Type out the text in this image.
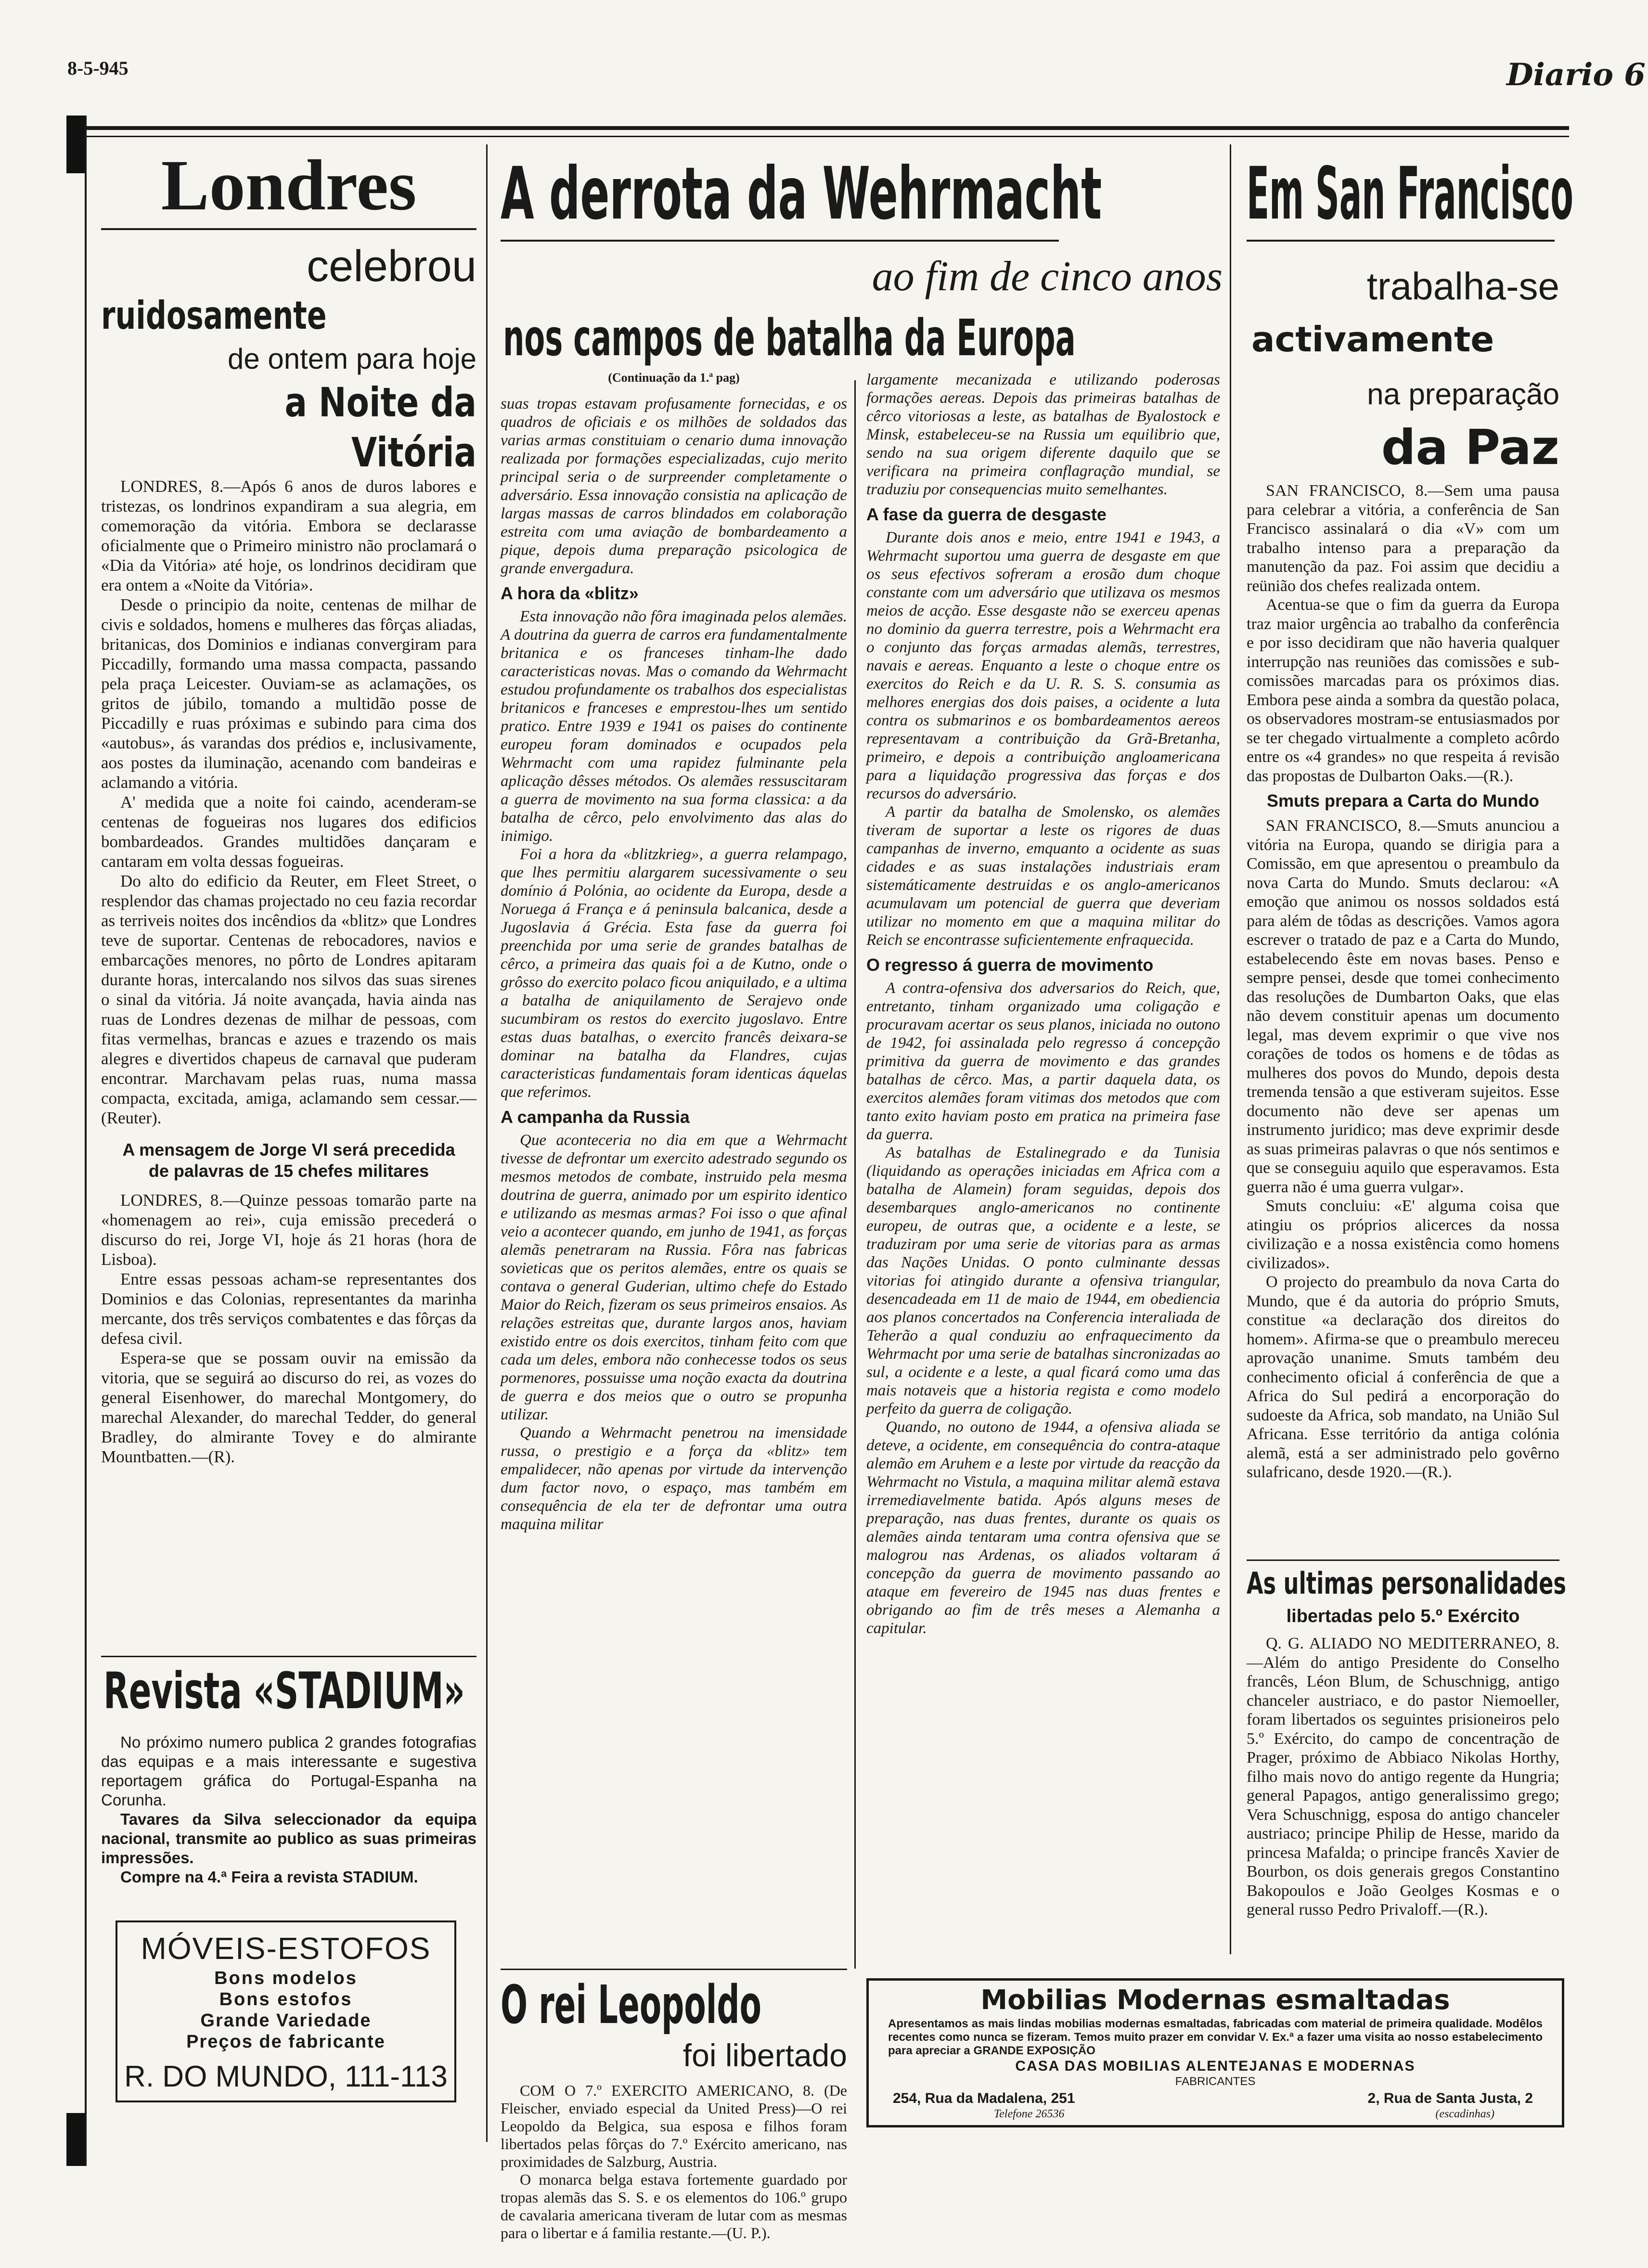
8-5-945	Diario 6
Londres
celebrou
ruidosamente
de ontem para hoje
a Noite da Vitória

LONDRES, 8.—Após 6 anos de duros labores e tristezas, os londrinos expandiram a sua alegria, em comemoração da vitória. Embora se declarasse oficialmente que o Primeiro ministro não proclamará o «Dia da Vitória» até hoje, os londrinos decidiram que era ontem a «Noite da Vitória».

Desde o principio da noite, centenas de milhar de civis e soldados, homens e mulheres das fôrças aliadas, britanicas, dos Dominios e indianas convergiram para Piccadilly, formando uma massa compacta, passando pela praça Leicester. Ouviam-se as aclamações, os gritos de júbilo, tomando a multidão posse de Piccadilly e ruas próximas e subindo para cima dos «autobus», ás varandas dos prédios e, inclusivamente, aos postes da iluminação, acenando com bandeiras e aclamando a vitória.

A' medida que a noite foi caindo, acenderam-se centenas de fogueiras nos lugares dos edificios bombardeados. Grandes multidões dançaram e cantaram em volta dessas fogueiras.

Do alto do edificio da Reuter, em Fleet Street, o resplendor das chamas projectado no ceu fazia recordar as terriveis noites dos incêndios da «blitz» que Londres teve de suportar. Centenas de rebocadores, navios e embarcações menores, no pôrto de Londres apitaram durante horas, intercalando nos silvos das suas sirenes o sinal da vitória. Já noite avançada, havia ainda nas ruas de Londres dezenas de milhar de pessoas, com fitas vermelhas, brancas e azues e trazendo os mais alegres e divertidos chapeus de carnaval que puderam encontrar. Marchavam pelas ruas, numa massa compacta, excitada, amiga, aclamando sem cessar.—(Reuter).

A mensagem de Jorge VI será precedida de palavras de 15 chefes militares

LONDRES, 8.—Quinze pessoas tomarão parte na «homenagem ao rei», cuja emissão precederá o discurso do rei, Jorge VI, hoje ás 21 horas (hora de Lisboa).

Entre essas pessoas acham-se representantes dos Dominios e das Colonias, representantes da marinha mercante, dos três serviços combatentes e das fôrças da defesa civil.

Espera-se que se possam ouvir na emissão da vitoria, que se seguirá ao discurso do rei, as vozes do general Eisenhower, do marechal Montgomery, do marechal Alexander, do marechal Tedder, do general Bradley, do almirante Tovey e do almirante Mountbatten.—(R).

Revista «STADIUM»

No próximo numero publica 2 grandes fotografias das equipas e a mais interessante e sugestiva reportagem gráfica do Portugal-Espanha na Corunha.

Tavares da Silva seleccionador da equipa nacional, transmite ao publico as suas primeiras impressões.

Compre na 4.ª Feira a revista STADIUM.

MÓVEIS-ESTOFOS
Bons modelos
Bons estofos
Grande Variedade
Preços de fabricante
R. DO MUNDO, 111-113
A derrota da Wehrmacht
ao fim de cinco anos
nos campos de batalha da Europa
(Continuação da 1.ª pag)

suas tropas estavam profusamente fornecidas, e os quadros de oficiais e os milhões de soldados das varias armas constituiam o cenario duma innovação realizada por formações especializadas, cujo merito principal seria o de surpreender completamente o adversário. Essa innovação consistia na aplicação de largas massas de carros blindados em colaboração estreita com uma aviação de bombardeamento a pique, depois duma preparação psicologica de grande envergadura.

A hora da «blitz»

Esta innovação não fôra imaginada pelos alemães. A doutrina da guerra de carros era fundamentalmente britanica e os franceses tinham-lhe dado caracteristicas novas. Mas o comando da Wehrmacht estudou profundamente os trabalhos dos especialistas britanicos e franceses e emprestou-lhes um sentido pratico. Entre 1939 e 1941 os paises do continente europeu foram dominados e ocupados pela Wehrmacht com uma rapidez fulminante pela aplicação dêsses métodos. Os alemães ressuscitaram a guerra de movimento na sua forma classica: a da batalha de cêrco, pelo envolvimento das alas do inimigo.

Foi a hora da «blitzkrieg», a guerra relampago, que lhes permitiu alargarem sucessivamente o seu domínio á Polónia, ao ocidente da Europa, desde a Noruega á França e á peninsula balcanica, desde a Jugoslavia á Grécia. Esta fase da guerra foi preenchida por uma serie de grandes batalhas de cêrco, a primeira das quais foi a de Kutno, onde o grôsso do exercito polaco ficou aniquilado, e a ultima a batalha de aniquilamento de Serajevo onde sucumbiram os restos do exercito jugoslavo. Entre estas duas batalhas, o exercito francês deixara-se dominar na batalha da Flandres, cujas caracteristicas fundamentais foram identicas áquelas que referimos.

A campanha da Russia

Que aconteceria no dia em que a Wehrmacht tivesse de defrontar um exercito adestrado segundo os mesmos metodos de combate, instruido pela mesma doutrina de guerra, animado por um espirito identico e utilizando as mesmas armas? Foi isso o que afinal veio a acontecer quando, em junho de 1941, as forças alemãs penetraram na Russia. Fôra nas fabricas sovieticas que os peritos alemães, entre os quais se contava o general Guderian, ultimo chefe do Estado Maior do Reich, fizeram os seus primeiros ensaios. As relações estreitas que, durante largos anos, haviam existido entre os dois exercitos, tinham feito com que cada um deles, embora não conhecesse todos os seus pormenores, possuisse uma noção exacta da doutrina de guerra e dos meios que o outro se propunha utilizar.

Quando a Wehrmacht penetrou na imensidade russa, o prestigio e a força da «blitz» tem empalidecer, não apenas por virtude da intervenção dum factor novo, o espaço, mas também em consequência de ela ter de defrontar uma outra maquina militar

O rei Leopoldo
foi libertado

COM O 7.º EXERCITO AMERICANO, 8. (De Fleischer, enviado especial da United Press)—O rei Leopoldo da Belgica, sua esposa e filhos foram libertados pelas fôrças do 7.º Exército americano, nas proximidades de Salzburg, Austria.

O monarca belga estava fortemente guardado por tropas alemãs das S. S. e os elementos do 106.º grupo de cavalaria americana tiveram de lutar com as mesmas para o libertar e á familia restante.—(U. P.).

largamente mecanizada e utilizando poderosas formações aereas. Depois das primeiras batalhas de cêrco vitoriosas a leste, as batalhas de Byalostock e Minsk, estabeleceu-se na Russia um equilibrio que, sendo na sua origem diferente daquilo que se verificara na primeira conflagração mundial, se traduziu por consequencias muito semelhantes.

A fase da guerra de desgaste

Durante dois anos e meio, entre 1941 e 1943, a Wehrmacht suportou uma guerra de desgaste em que os seus efectivos sofreram a erosão dum choque constante com um adversário que utilizava os mesmos meios de acção. Esse desgaste não se exerceu apenas no dominio da guerra terrestre, pois a Wehrmacht era o conjunto das forças armadas alemãs, terrestres, navais e aereas. Enquanto a leste o choque entre os exercitos do Reich e da U. R. S. S. consumia as melhores energias dos dois paises, a ocidente a luta contra os submarinos e os bombardeamentos aereos representavam a contribuição da Grã-Bretanha, primeiro, e depois a contribuição angloamericana para a liquidação progressiva das forças e dos recursos do adversário.

A partir da batalha de Smolensko, os alemães tiveram de suportar a leste os rigores de duas campanhas de inverno, emquanto a ocidente as suas cidades e as suas instalações industriais eram sistemáticamente destruidas e os anglo-americanos acumulavam um potencial de guerra que deveriam utilizar no momento em que a maquina militar do Reich se encontrasse suficientemente enfraquecida.

O regresso á guerra de movimento

A contra-ofensiva dos adversarios do Reich, que, entretanto, tinham organizado uma coligação e procuravam acertar os seus planos, iniciada no outono de 1942, foi assinalada pelo regresso á concepção primitiva da guerra de movimento e das grandes batalhas de cêrco. Mas, a partir daquela data, os exercitos alemães foram vitimas dos metodos que com tanto exito haviam posto em pratica na primeira fase da guerra.

As batalhas de Estalinegrado e da Tunisia (liquidando as operações iniciadas em Africa com a batalha de Alamein) foram seguidas, depois dos desembarques anglo-americanos no continente europeu, de outras que, a ocidente e a leste, se traduziram por uma serie de vitorias para as armas das Nações Unidas. O ponto culminante dessas vitorias foi atingido durante a ofensiva triangular, desencadeada em 11 de maio de 1944, em obediencia aos planos concertados na Conferencia interaliada de Teherão a qual conduziu ao enfraquecimento da Wehrmacht por uma serie de batalhas sincronizadas ao sul, a ocidente e a leste, a qual ficará como uma das mais notaveis que a historia regista e como modelo perfeito da guerra de coligação.

Quando, no outono de 1944, a ofensiva aliada se deteve, a ocidente, em consequência do contra-ataque alemão em Aruhem e a leste por virtude da reacção da Wehrmacht no Vistula, a maquina militar alemã estava irremediavelmente batida. Após alguns meses de preparação, nas duas frentes, durante os quais os alemães ainda tentaram uma contra ofensiva que se malogrou nas Ardenas, os aliados voltaram á concepção da guerra de movimento passando ao ataque em fevereiro de 1945 nas duas frentes e obrigando ao fim de três meses a Alemanha a capitular.

Em San Francisco
trabalha-se
activamente
na preparação
da Paz

SAN FRANCISCO, 8.—Sem uma pausa para celebrar a vitória, a conferência de San Francisco assinalará o dia «V» com um trabalho intenso para a preparação da manutenção da paz. Foi assim que decidiu a reünião dos chefes realizada ontem.

Acentua-se que o fim da guerra da Europa traz maior urgência ao trabalho da conferência e por isso decidiram que não haveria qualquer interrupção nas reuniões das comissões e sub-comissões marcadas para os próximos dias. Embora pese ainda a sombra da questão polaca, os observadores mostram-se entusiasmados por se ter chegado virtualmente a completo acôrdo entre os «4 grandes» no que respeita á revisão das propostas de Dulbarton Oaks.—(R.).

Smuts prepara a Carta do Mundo

SAN FRANCISCO, 8.—Smuts anunciou a vitória na Europa, quando se dirigia para a Comissão, em que apresentou o preambulo da nova Carta do Mundo. Smuts declarou: «A emoção que animou os nossos soldados está para além de tôdas as descrições. Vamos agora escrever o tratado de paz e a Carta do Mundo, estabelecendo êste em novas bases. Penso e sempre pensei, desde que tomei conhecimento das resoluções de Dumbarton Oaks, que elas não devem constituir apenas um documento legal, mas devem exprimir o que vive nos corações de todos os homens e de tôdas as mulheres dos povos do Mundo, depois desta tremenda tensão a que estiveram sujeitos. Esse documento não deve ser apenas um instrumento juridico; mas deve exprimir desde as suas primeiras palavras o que nós sentimos e que se conseguiu aquilo que esperavamos. Esta guerra não é uma guerra vulgar».

Smuts concluiu: «E' alguma coisa que atingiu os próprios alicerces da nossa civilização e a nossa existência como homens civilizados».

O projecto do preambulo da nova Carta do Mundo, que é da autoria do próprio Smuts, constitue «a declaração dos direitos do homem». Afirma-se que o preambulo mereceu aprovação unanime. Smuts também deu conhecimento oficial á conferência de que a Africa do Sul pedirá a encorporação do sudoeste da Africa, sob mandato, na União Sul Africana. Esse território da antiga colónia alemã, está a ser administrado pelo govêrno sulafricano, desde 1920.—(R.).

As ultimas personalidades
libertadas pelo 5.º Exército

Q. G. ALIADO NO MEDITERRANEO, 8.—Além do antigo Presidente do Conselho francês, Léon Blum, de Schuschnigg, antigo chanceler austriaco, e do pastor Niemoeller, foram libertados os seguintes prisioneiros pelo 5.º Exército, do campo de concentração de Prager, próximo de Abbiaco Nikolas Horthy, filho mais novo do antigo regente da Hungria; general Papagos, antigo generalissimo grego; Vera Schuschnigg, esposa do antigo chanceler austriaco; principe Philip de Hesse, marido da princesa Mafalda; o principe francês Xavier de Bourbon, os dois generais gregos Constantino Bakopoulos e João Geolges Kosmas e o general russo Pedro Privaloff.—(R.).

Mobilias Modernas esmaltadas
Apresentamos as mais lindas mobilias modernas esmaltadas, fabricadas com material de primeira qualidade. Modêlos recentes como nunca se fizeram. Temos muito prazer em convidar V. Ex.ª a fazer uma visita ao nosso estabelecimento para apreciar a GRANDE EXPOSIÇÃO
CASA DAS MOBILIAS ALENTEJANAS E MODERNAS
FABRICANTES
254, Rua da Madalena, 251
Telefone 26536
2, Rua de Santa Justa, 2
(escadinhas)
